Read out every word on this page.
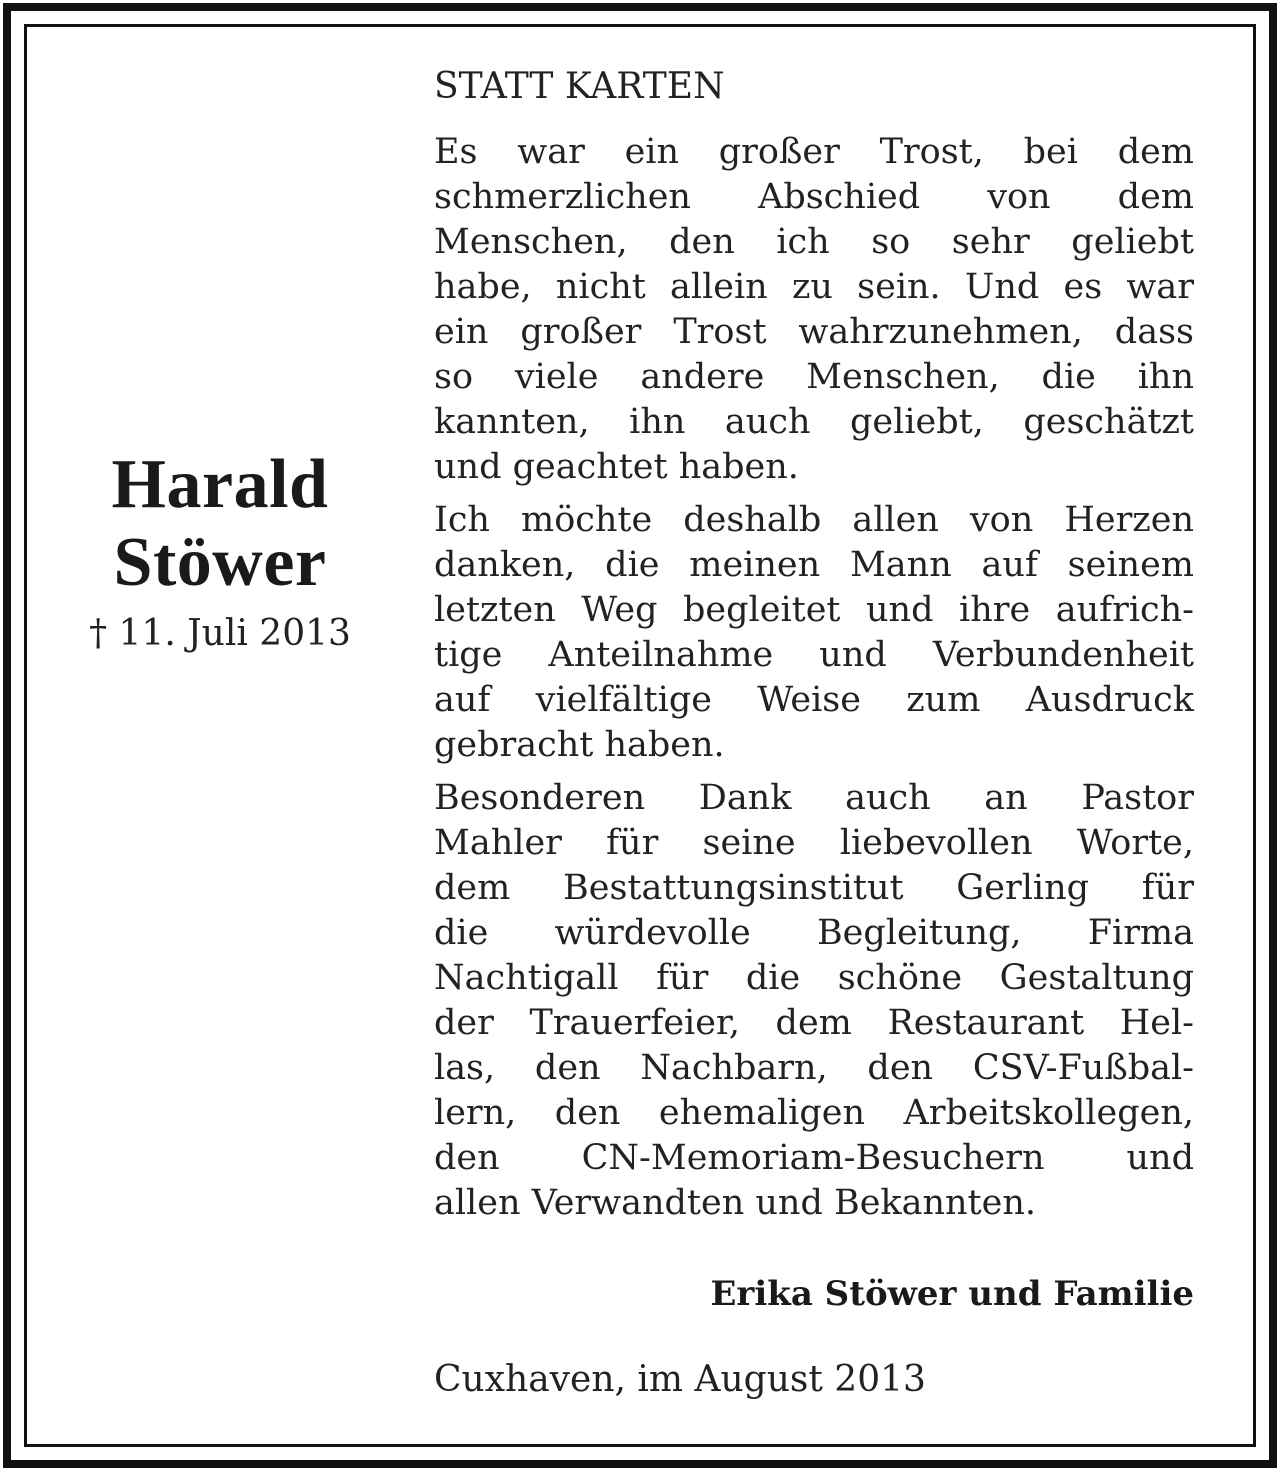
Harald
Stöwer
† 11. Juli 2013
STATT KARTEN
Es war ein großer Trost, bei dem
schmerzlichen Abschied von dem
Menschen, den ich so sehr geliebt
habe, nicht allein zu sein. Und es war
ein großer Trost wahrzunehmen, dass
so viele andere Menschen, die ihn
kannten, ihn auch geliebt, geschätzt
und geachtet haben.
Ich möchte deshalb allen von Herzen
danken, die meinen Mann auf seinem
letzten Weg begleitet und ihre aufrich-
tige Anteilnahme und Verbundenheit
auf vielfältige Weise zum Ausdruck
gebracht haben.
Besonderen Dank auch an Pastor
Mahler für seine liebevollen Worte,
dem Bestattungsinstitut Gerling für
die würdevolle Begleitung, Firma
Nachtigall für die schöne Gestaltung
der Trauerfeier, dem Restaurant Hel-
las, den Nachbarn, den CSV-Fußbal-
lern, den ehemaligen Arbeitskollegen,
den CN-Memoriam-Besuchern und
allen Verwandten und Bekannten.
Erika Stöwer und Familie
Cuxhaven, im August 2013
